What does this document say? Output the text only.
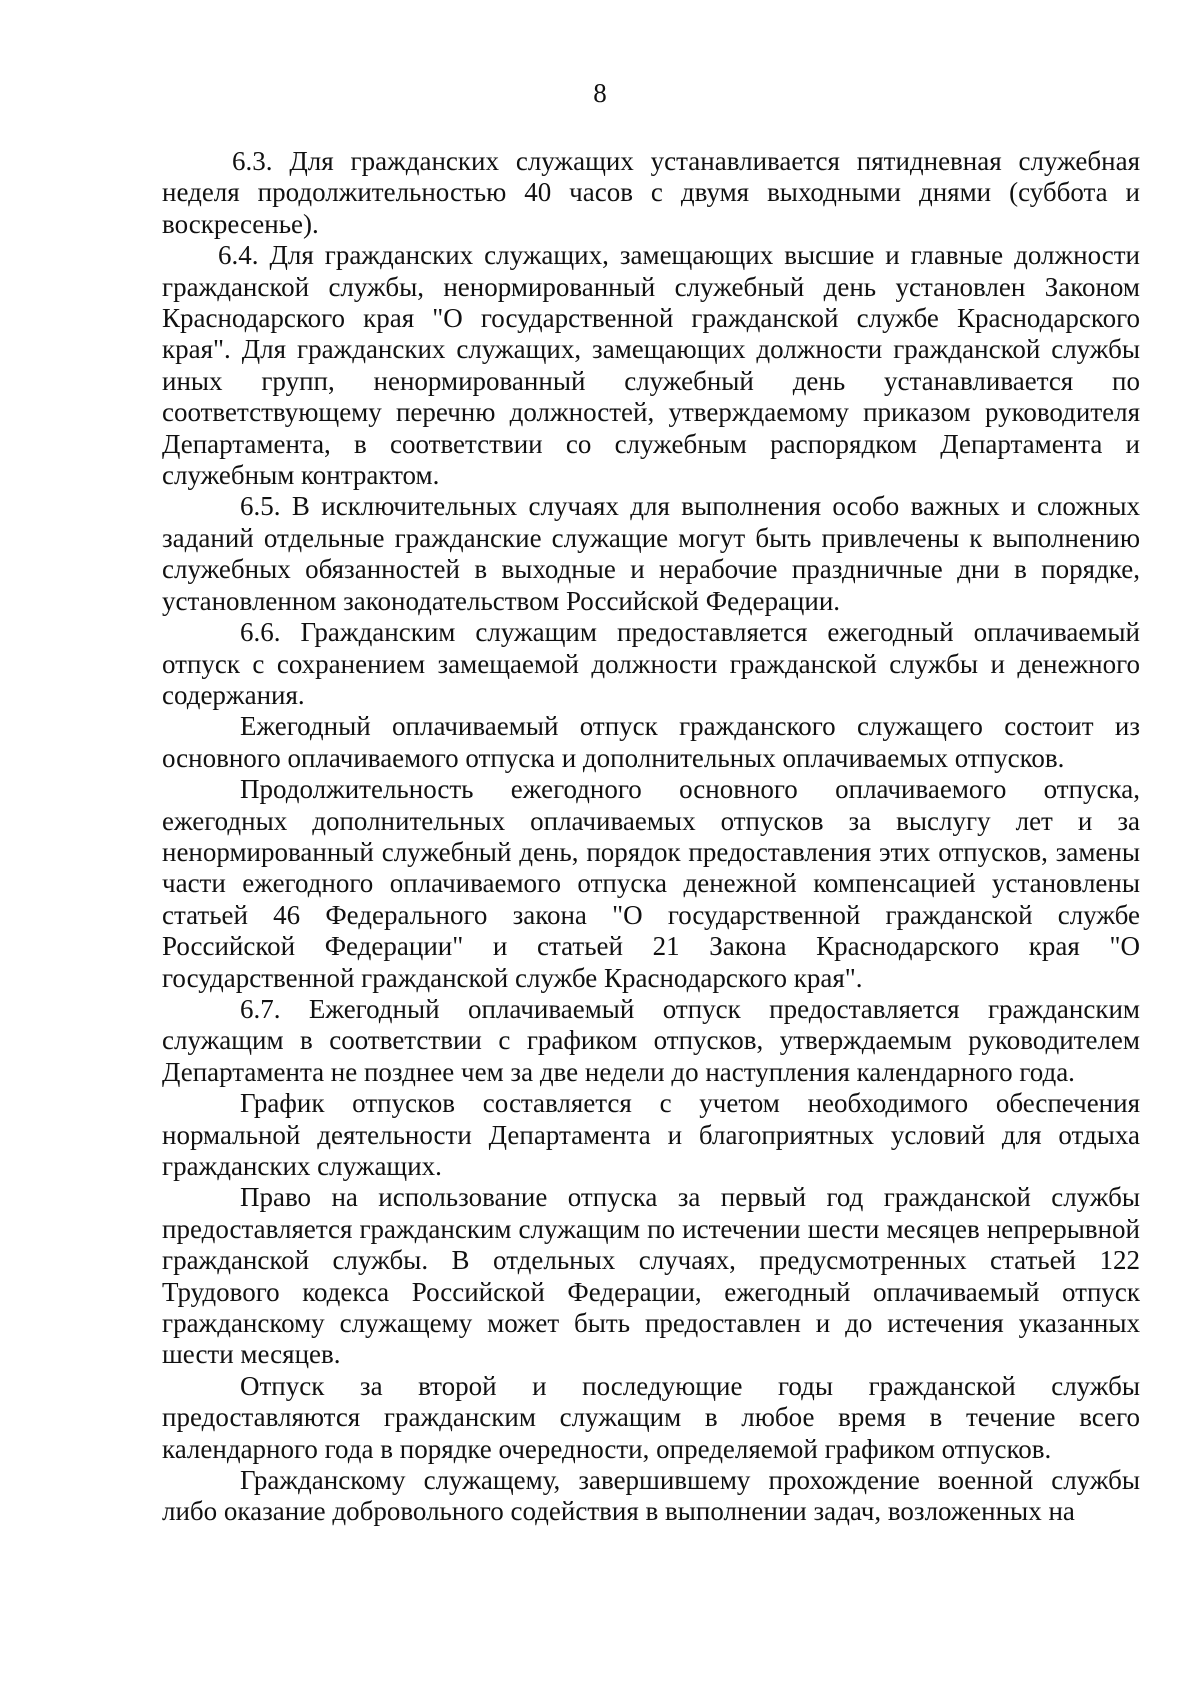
8

6.3. Для гражданских служащих устанавливается пятидневная служебная неделя продолжительностью 40 часов с двумя выходными днями (суббота и воскресенье).

6.4. Для гражданских служащих, замещающих высшие и главные должности гражданской службы, ненормированный служебный день установлен Законом Краснодарского края "О государственной гражданской службе Краснодарского края". Для гражданских служащих, замещающих должности гражданской службы иных групп, ненормированный служебный день устанавливается по соответствующему перечню должностей, утверждаемому приказом руководителя Департамента, в соответствии со служебным распорядком Департамента и служебным контрактом.

6.5. В исключительных случаях для выполнения особо важных и сложных заданий отдельные гражданские служащие могут быть привлечены к выполнению служебных обязанностей в выходные и нерабочие праздничные дни в порядке, установленном законодательством Российской Федерации.

6.6. Гражданским служащим предоставляется ежегодный оплачиваемый отпуск с сохранением замещаемой должности гражданской службы и денежного содержания.

Ежегодный оплачиваемый отпуск гражданского служащего состоит из основного оплачиваемого отпуска и дополнительных оплачиваемых отпусков.

Продолжительность ежегодного основного оплачиваемого отпуска, ежегодных дополнительных оплачиваемых отпусков за выслугу лет и за ненормированный служебный день, порядок предоставления этих отпусков, замены части ежегодного оплачиваемого отпуска денежной компенсацией установлены статьей 46 Федерального закона "О государственной гражданской службе Российской Федерации" и статьей 21 Закона Краснодарского края "О государственной гражданской службе Краснодарского края".

6.7. Ежегодный оплачиваемый отпуск предоставляется гражданским служащим в соответствии с графиком отпусков, утверждаемым руководителем Департамента не позднее чем за две недели до наступления календарного года.

График отпусков составляется с учетом необходимого обеспечения нормальной деятельности Департамента и благоприятных условий для отдыха гражданских служащих.

Право на использование отпуска за первый год гражданской службы предоставляется гражданским служащим по истечении шести месяцев непрерывной гражданской службы. В отдельных случаях, предусмотренных статьей 122 Трудового кодекса Российской Федерации, ежегодный оплачиваемый отпуск гражданскому служащему может быть предоставлен и до истечения указанных шести месяцев.

Отпуск за второй и последующие годы гражданской службы предоставляются гражданским служащим в любое время в течение всего календарного года в порядке очередности, определяемой графиком отпусков.

Гражданскому служащему, завершившему прохождение военной службы либо оказание добровольного содействия в выполнении задач, возложенных на
